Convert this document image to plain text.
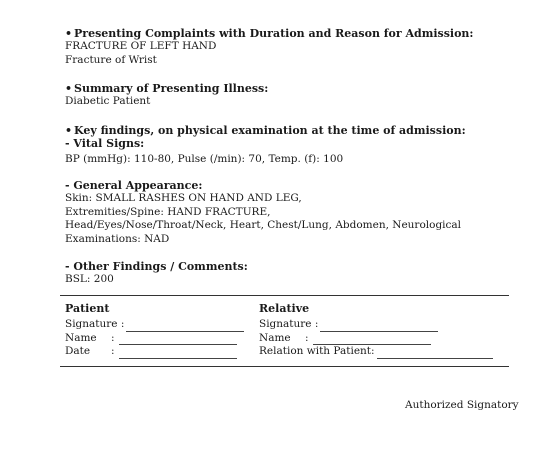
• Presenting Complaints with Duration and Reason for Admission:
FRACTURE OF LEFT HAND
Fracture of Wrist
• Summary of Presenting Illness:
Diabetic Patient
• Key findings, on physical examination at the time of admission:
- Vital Signs:
BP (mmHg): 110-80, Pulse (/min): 70, Temp. (f): 100
- General Appearance:
Skin: SMALL RASHES ON HAND AND LEG,
Extremities/Spine: HAND FRACTURE,
Head/Eyes/Nose/Throat/Neck, Heart, Chest/Lung, Abdomen, Neurological Examinations: NAD
- Other Findings / Comments:
BSL: 200
Patient
Signature :
Name	:
Date	:
Relative
Signature :
Name	:
Relation with Patient:
Authorized Signatory
